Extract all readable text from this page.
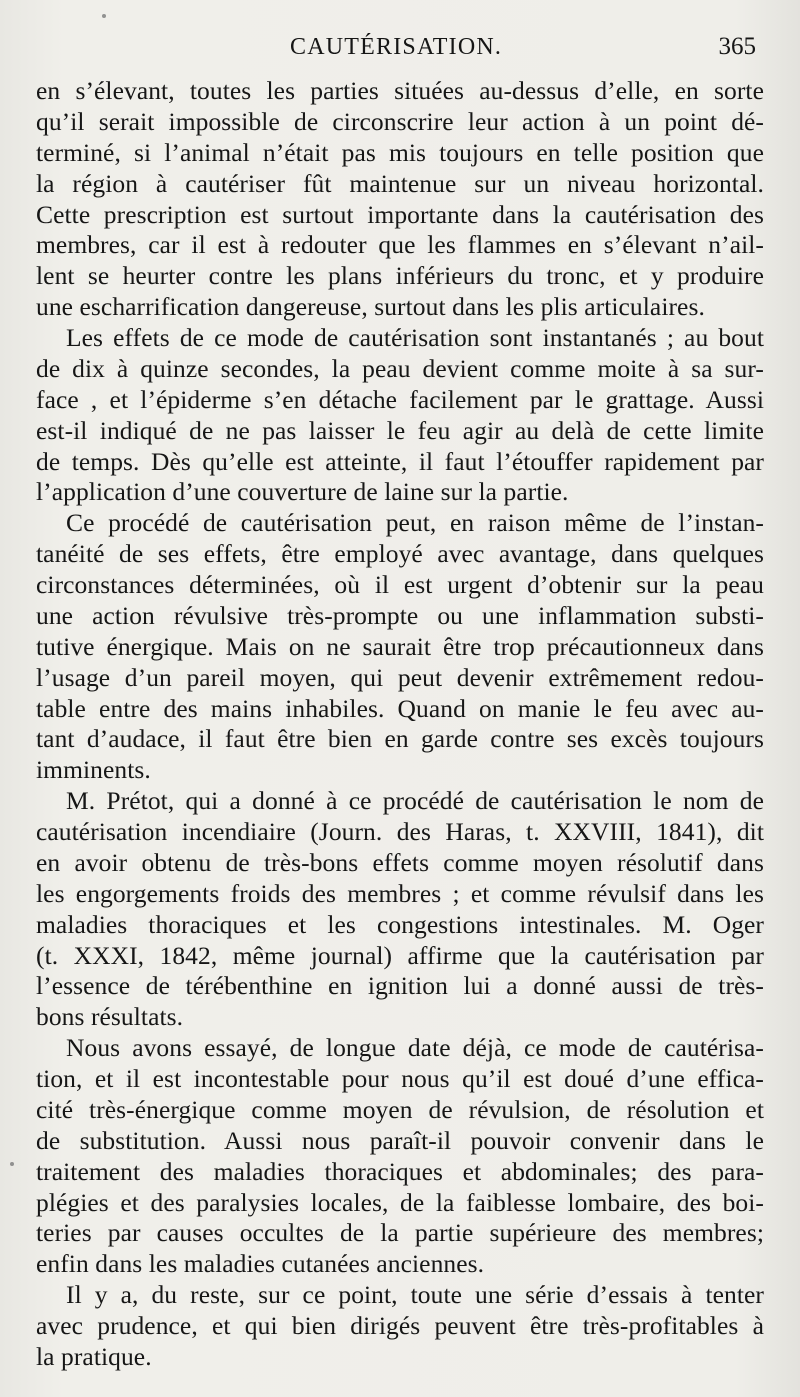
CAUTÉRISATION.	365
en s’élevant, toutes les parties situées au-dessus d’elle, en sorte
qu’il serait impossible de circonscrire leur action à un point dé-
terminé, si l’animal n’était pas mis toujours en telle position que
la région à cautériser fût maintenue sur un niveau horizontal.
Cette prescription est surtout importante dans la cautérisation des
membres, car il est à redouter que les flammes en s’élevant n’ail-
lent se heurter contre les plans inférieurs du tronc, et y produire
une escharrification dangereuse, surtout dans les plis articulaires.
Les effets de ce mode de cautérisation sont instantanés ; au bout
de dix à quinze secondes, la peau devient comme moite à sa sur-
face , et l’épiderme s’en détache facilement par le grattage. Aussi
est-il indiqué de ne pas laisser le feu agir au delà de cette limite
de temps. Dès qu’elle est atteinte, il faut l’étouffer rapidement par
l’application d’une couverture de laine sur la partie.
Ce procédé de cautérisation peut, en raison même de l’instan-
tanéité de ses effets, être employé avec avantage, dans quelques
circonstances déterminées, où il est urgent d’obtenir sur la peau
une action révulsive très-prompte ou une inflammation substi-
tutive énergique. Mais on ne saurait être trop précautionneux dans
l’usage d’un pareil moyen, qui peut devenir extrêmement redou-
table entre des mains inhabiles. Quand on manie le feu avec au-
tant d’audace, il faut être bien en garde contre ses excès toujours
imminents.
M. Prétot, qui a donné à ce procédé de cautérisation le nom de
cautérisation incendiaire (Journ. des Haras, t. XXVIII, 1841), dit
en avoir obtenu de très-bons effets comme moyen résolutif dans
les engorgements froids des membres ; et comme révulsif dans les
maladies thoraciques et les congestions intestinales. M. Oger
(t. XXXI, 1842, même journal) affirme que la cautérisation par
l’essence de térébenthine en ignition lui a donné aussi de très-
bons résultats.
Nous avons essayé, de longue date déjà, ce mode de cautérisa-
tion, et il est incontestable pour nous qu’il est doué d’une effica-
cité très-énergique comme moyen de révulsion, de résolution et
de substitution. Aussi nous paraît-il pouvoir convenir dans le
traitement des maladies thoraciques et abdominales; des para-
plégies et des paralysies locales, de la faiblesse lombaire, des boi-
teries par causes occultes de la partie supérieure des membres;
enfin dans les maladies cutanées anciennes.
Il y a, du reste, sur ce point, toute une série d’essais à tenter
avec prudence, et qui bien dirigés peuvent être très-profitables à
la pratique.
